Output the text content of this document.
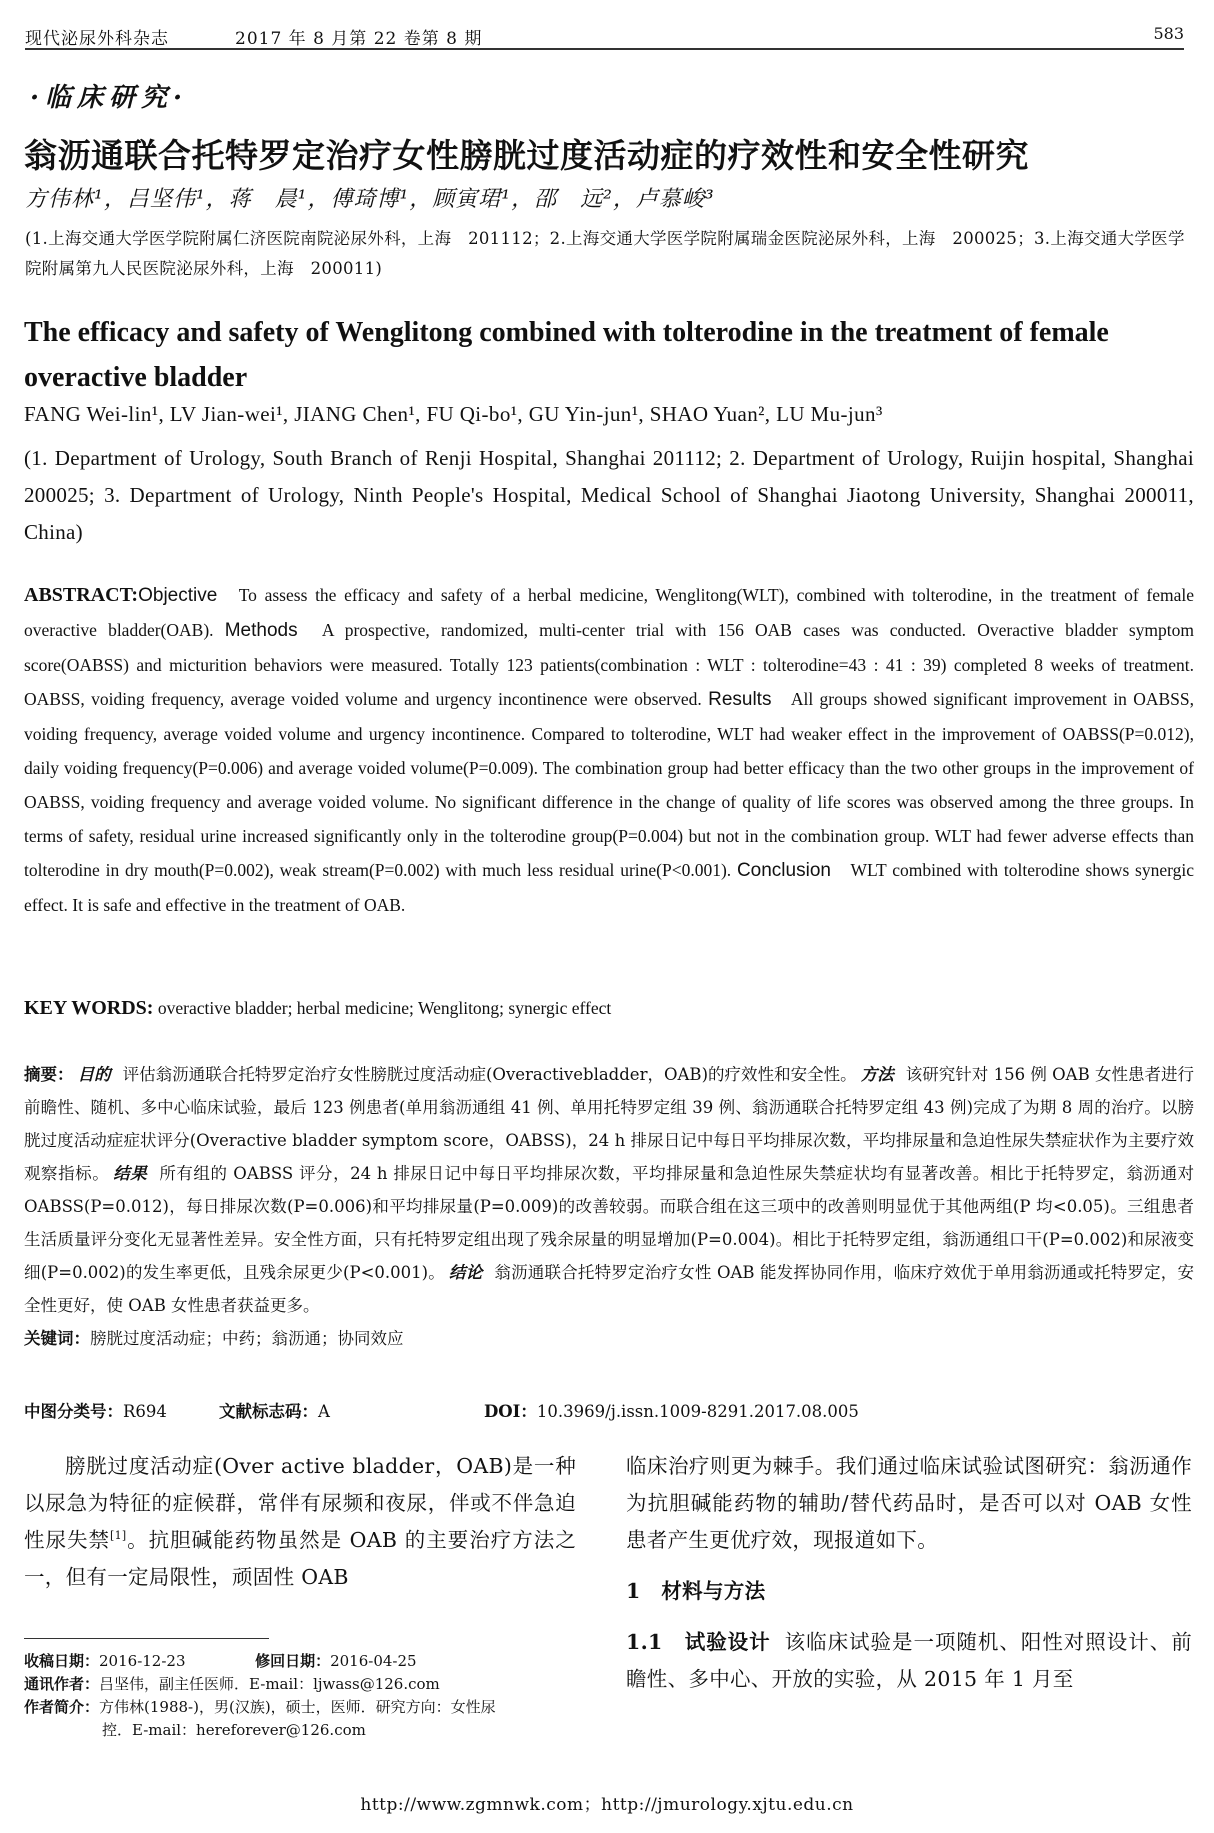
现代泌尿外科杂志	2017 年 8 月第 22 卷第 8 期	583
·临床研究·
翁沥通联合托特罗定治疗女性膀胱过度活动症的疗效性和安全性研究
方伟林¹，吕坚伟¹，蒋　晨¹，傅琦博¹，顾寅珺¹，邵　远²，卢慕峻³
(1.上海交通大学医学院附属仁济医院南院泌尿外科，上海　201112；2.上海交通大学医学院附属瑞金医院泌尿外科，上海　200025；3.上海交通大学医学院附属第九人民医院泌尿外科，上海　200011)
The efficacy and safety of Wenglitong combined with tolterodine in the treatment of female overactive bladder
FANG Wei-lin¹, LV Jian-wei¹, JIANG Chen¹, FU Qi-bo¹, GU Yin-jun¹, SHAO Yuan², LU Mu-jun³
(1. Department of Urology, South Branch of Renji Hospital, Shanghai 201112; 2. Department of Urology, Ruijin hospital, Shanghai 200025; 3. Department of Urology, Ninth People's Hospital, Medical School of Shanghai Jiaotong University, Shanghai 200011, China)
ABSTRACT:Objective To assess the efficacy and safety of a herbal medicine, Wenglitong(WLT), combined with tolterodine, in the treatment of female overactive bladder(OAB). Methods A prospective, randomized, multi-center trial with 156 OAB cases was conducted. Overactive bladder symptom score(OABSS) and micturition behaviors were measured. Totally 123 patients(combination : WLT : tolterodine=43 : 41 : 39) completed 8 weeks of treatment. OABSS, voiding frequency, average voided volume and urgency incontinence were observed. Results All groups showed significant improvement in OABSS, voiding frequency, average voided volume and urgency incontinence. Compared to tolterodine, WLT had weaker effect in the improvement of OABSS(P=0.012), daily voiding frequency(P=0.006) and average voided volume(P=0.009). The combination group had better efficacy than the two other groups in the improvement of OABSS, voiding frequency and average voided volume. No significant difference in the change of quality of life scores was observed among the three groups. In terms of safety, residual urine increased significantly only in the tolterodine group(P=0.004) but not in the combination group. WLT had fewer adverse effects than tolterodine in dry mouth(P=0.002), weak stream(P=0.002) with much less residual urine(P<0.001). Conclusion WLT combined with tolterodine shows synergic effect. It is safe and effective in the treatment of OAB.
KEY WORDS: overactive bladder; herbal medicine; Wenglitong; synergic effect
摘要： 目的 评估翁沥通联合托特罗定治疗女性膀胱过度活动症(Overactivebladder，OAB)的疗效性和安全性。 方法 该研究针对 156 例 OAB 女性患者进行前瞻性、随机、多中心临床试验，最后 123 例患者(单用翁沥通组 41 例、单用托特罗定组 39 例、翁沥通联合托特罗定组 43 例)完成了为期 8 周的治疗。以膀胱过度活动症症状评分(Overactive bladder symptom score，OABSS)，24 h 排尿日记中每日平均排尿次数，平均排尿量和急迫性尿失禁症状作为主要疗效观察指标。 结果 所有组的 OABSS 评分，24 h 排尿日记中每日平均排尿次数，平均排尿量和急迫性尿失禁症状均有显著改善。相比于托特罗定，翁沥通对 OABSS(P=0.012)，每日排尿次数(P=0.006)和平均排尿量(P=0.009)的改善较弱。而联合组在这三项中的改善则明显优于其他两组(P 均<0.05)。三组患者生活质量评分变化无显著性差异。安全性方面，只有托特罗定组出现了残余尿量的明显增加(P=0.004)。相比于托特罗定组，翁沥通组口干(P=0.002)和尿液变细(P=0.002)的发生率更低，且残余尿更少(P<0.001)。 结论 翁沥通联合托特罗定治疗女性 OAB 能发挥协同作用，临床疗效优于单用翁沥通或托特罗定，安全性更好，使 OAB 女性患者获益更多。
关键词：膀胱过度活动症；中药；翁沥通；协同效应
中图分类号：R694	文献标志码：A	DOI：10.3969/j.issn.1009-8291.2017.08.005

膀胱过度活动症(Over active bladder，OAB)是一种以尿急为特征的症候群，常伴有尿频和夜尿，伴或不伴急迫性尿失禁[1]。抗胆碱能药物虽然是 OAB 的主要治疗方法之一，但有一定局限性，顽固性 OAB

临床治疗则更为棘手。我们通过临床试验试图研究：翁沥通作为抗胆碱能药物的辅助/替代药品时，是否可以对 OAB 女性患者产生更优疗效，现报道如下。

1　材料与方法

1.1　试验设计 该临床试验是一项随机、阳性对照设计、前瞻性、多中心、开放的实验，从 2015 年 1 月至

收稿日期：2016-12-23	修回日期：2016-04-25
通讯作者：吕坚伟，副主任医师．E-mail：ljwass@126.com
作者简介：方伟林(1988-)，男(汉族)，硕士，医师．研究方向：女性尿
控．E-mail：hereforever@126.com
http://www.zgmnwk.com；http://jmurology.xjtu.edu.cn
